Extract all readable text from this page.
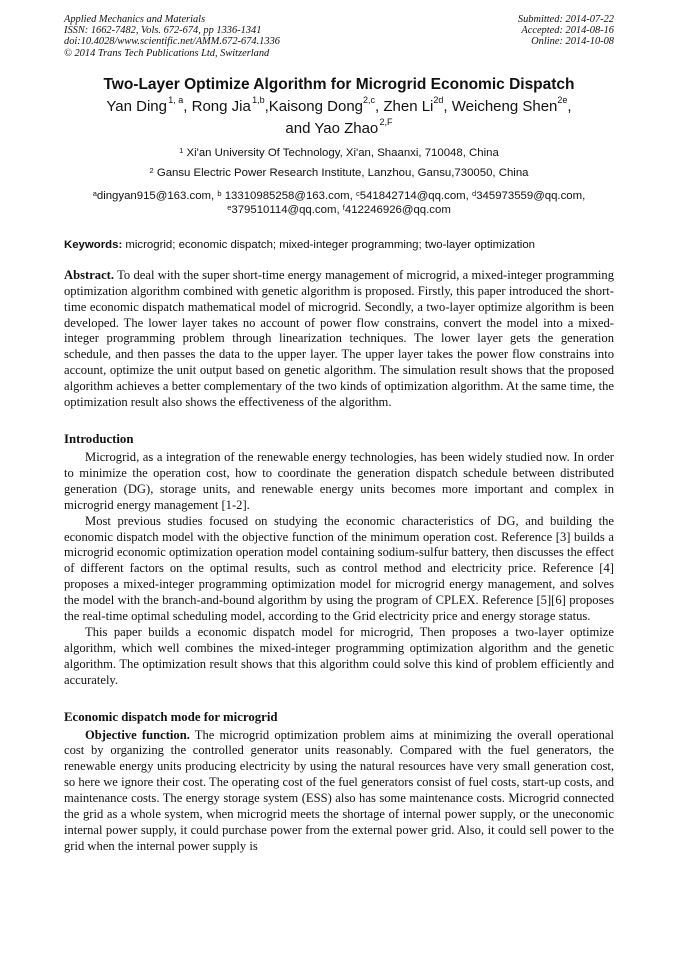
Applied Mechanics and Materials
ISSN: 1662-7482, Vols. 672-674, pp 1336-1341
doi:10.4028/www.scientific.net/AMM.672-674.1336
© 2014 Trans Tech Publications Ltd, Switzerland
Submitted: 2014-07-22
Accepted: 2014-08-16
Online: 2014-10-08
Two-Layer Optimize Algorithm for Microgrid Economic Dispatch
Yan Ding $^{1, a}$, Rong Jia $^{1,b}$,Kaisong Dong$^{2,c}$, Zhen $Li^{2d}$, Weicheng Shen$^{2e}$,
and Yao Zhao $^{2,F}$
$^1$ Xi'an University Of Technology, Xi'an, Shaanxi, 710048, China
$^2$ Gansu Electric Power Research Institute, Lanzhou, Gansu,730050, China
$^a$dingyan915@163.com, $^b$ 13310985258@163.com, $^c$541842714@qq.com, $^d$345973559@qq.com,
$^e$379510114@qq.com, $^f$412246926@qq.com
Keywords: microgrid; economic dispatch; mixed-integer programming; two-layer optimization
Abstract. To deal with the super short-time energy management of microgrid, a mixed-integer programming optimization algorithm combined with genetic algorithm is proposed. Firstly, this paper introduced the short-time economic dispatch mathematical model of microgrid. Secondly, a two-layer optimize algorithm is been developed. The lower layer takes no account of power flow constrains, convert the model into a mixed-integer programming problem through linearization techniques. The lower layer gets the generation schedule, and then passes the data to the upper layer. The upper layer takes the power flow constrains into account, optimize the unit output based on genetic algorithm. The simulation result shows that the proposed algorithm achieves a better complementary of the two kinds of optimization algorithm. At the same time, the optimization result also shows the effectiveness of the algorithm.
Introduction

Microgrid, as a integration of the renewable energy technologies, has been widely studied now. In order to minimize the operation cost, how to coordinate the generation dispatch schedule between distributed generation (DG), storage units, and renewable energy units becomes more important and complex in microgrid energy management [1-2].

Most previous studies focused on studying the economic characteristics of DG, and building the economic dispatch model with the objective function of the minimum operation cost. Reference [3] builds a microgrid economic optimization operation model containing sodium-sulfur battery, then discusses the effect of different factors on the optimal results, such as control method and electricity price. Reference [4] proposes a mixed-integer programming optimization model for microgrid energy management, and solves the model with the branch-and-bound algorithm by using the program of CPLEX. Reference [5][6] proposes the real-time optimal scheduling model, according to the Grid electricity price and energy storage status.

This paper builds a economic dispatch model for microgrid, Then proposes a two-layer optimize algorithm, which well combines the mixed-integer programming optimization algorithm and the genetic algorithm. The optimization result shows that this algorithm could solve this kind of problem efficiently and accurately.

Economic dispatch mode for microgrid

Objective function. The microgrid optimization problem aims at minimizing the overall operational cost by organizing the controlled generator units reasonably. Compared with the fuel generators, the renewable energy units producing electricity by using the natural resources have very small generation cost, so here we ignore their cost. The operating cost of the fuel generators consist of fuel costs, start-up costs, and maintenance costs. The energy storage system (ESS) also has some maintenance costs. Microgrid connected the grid as a whole system, when microgrid meets the shortage of internal power supply, or the uneconomic internal power supply, it could purchase power from the external power grid. Also, it could sell power to the grid when the internal power supply is
